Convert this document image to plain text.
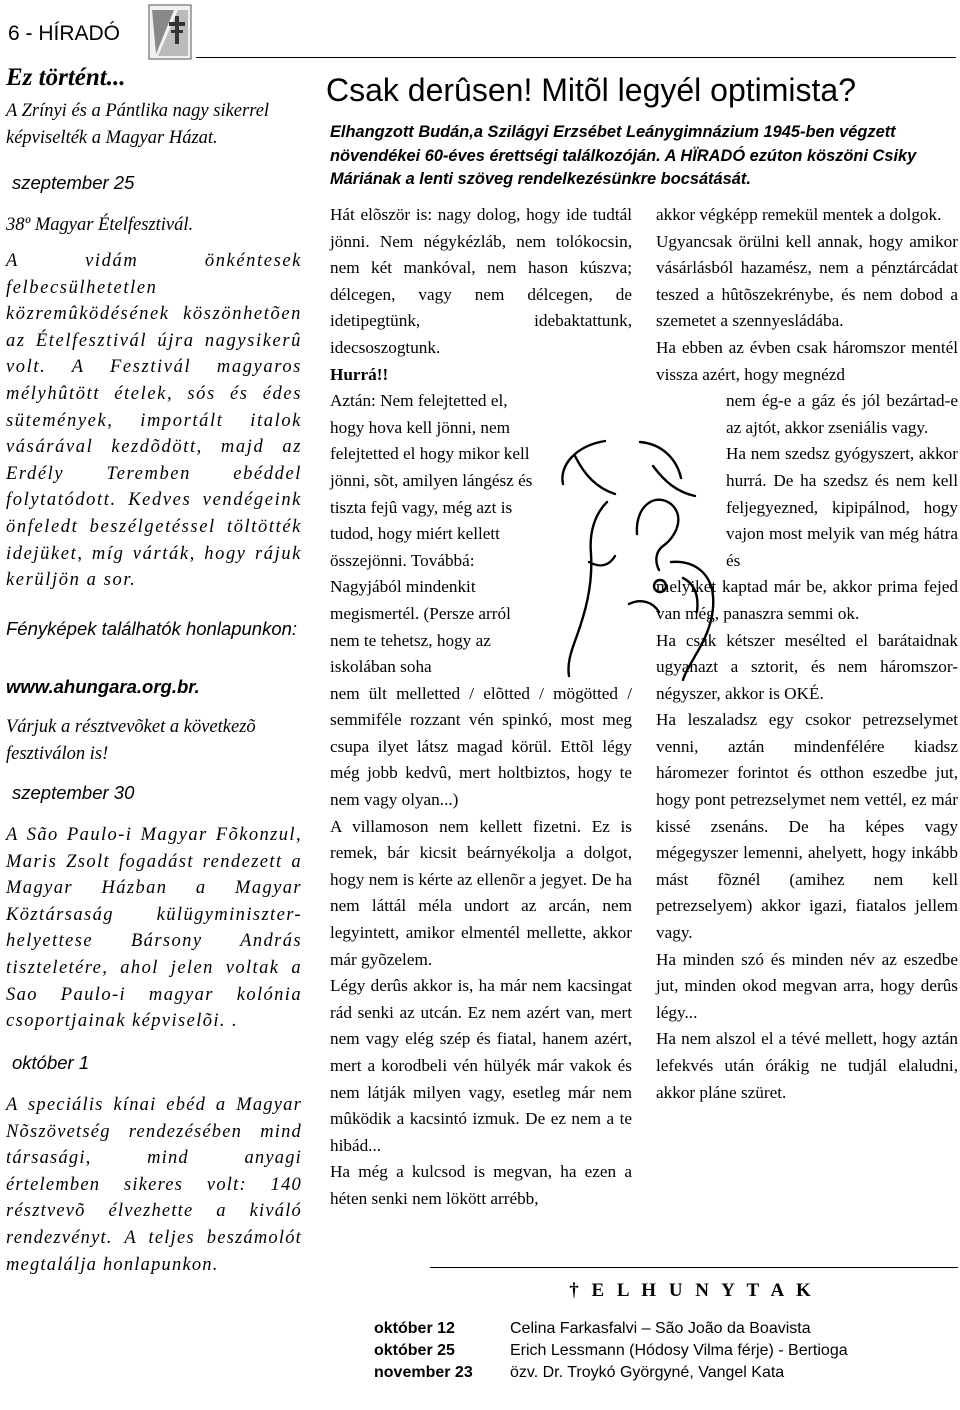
6 - HÍRADÓ
Ez történt...

A Zrínyi és a Pántlika nagy sikerrel képviselték a Magyar Házat.

szeptember 25

38º Magyar Ételfesztivál.

A vidám önkéntesek felbecsülhetetlen közremûködésének köszönhetõen az Ételfesztivál újra nagysikerû volt. A Fesztivál magyaros mélyhûtött ételek, sós és édes sütemények, importált italok vásárával kezdõdött, majd az Erdély Teremben ebéddel folytatódott. Kedves vendégeink önfeledt beszélgetéssel töltötték idejüket, míg várták, hogy rájuk kerüljön a sor.

Fényképek találhatók honlapunkon:

www.ahungara.org.br.

Várjuk a résztvevõket a következõ fesztiválon is!

szeptember 30

A São Paulo-i Magyar Fõkonzul, Maris Zsolt fogadást rendezett a Magyar Házban a Magyar Köztársaság külügyminiszter-helyettese Bársony András tiszteletére, ahol jelen voltak a Sao Paulo-i magyar kolónia csoportjainak képviselõi. .

október 1

A speciális kínai ebéd a Magyar Nõszövetség rendezésében mind társasági, mind anyagi értelemben sikeres volt: 140 résztvevõ élvezhette a kiváló rendezvényt. A teljes beszámolót megtalálja honlapunkon.

Csak derûsen! Mitõl legyél optimista?

Elhangzott Budán,a Szilágyi Erzsébet Leánygimnázium 1945-ben végzett növendékei 60-éves érettségi találkozóján. A HÏRADÓ ezúton köszöni Csiky Máriának a lenti szöveg rendelkezésünkre bocsátását.

Hát elõször is: nagy dolog, hogy ide tudtál jönni. Nem négykézláb, nem tolókocsin, nem két mankóval, nem hason kúszva; délcegen, vagy nem délcegen, de idetipegtünk, idebaktattunk, idecsoszogtunk.

Hurrá!!

Aztán: Nem felejtetted el, hogy hova kell jönni, nem felejtetted el hogy mikor kell jönni, sõt, amilyen lángész és tiszta fejû vagy, még azt is tudod, hogy miért kellett összejönni. Továbbá: Nagyjából mindenkit megismertél. (Persze arról nem te tehetsz, hogy az iskolában soha

nem ült melletted / elõtted / mögötted / semmiféle rozzant vén spinkó, most meg csupa ilyet látsz magad körül. Ettõl légy még jobb kedvû, mert holtbiztos, hogy te nem vagy olyan...)

A villamoson nem kellett fizetni. Ez is remek, bár kicsit beárnyékolja a dolgot, hogy nem is kérte az ellenõr a jegyet. De ha nem láttál méla undort az arcán, nem legyintett, amikor elmentél mellette, akkor már gyõzelem.

Légy derûs akkor is, ha már nem kacsingat rád senki az utcán. Ez nem azért van, mert nem vagy elég szép és fiatal, hanem azért, mert a korodbeli vén hülyék már vakok és nem látják milyen vagy, esetleg már nem mûködik a kacsintó izmuk. De ez nem a te hibád...

Ha még a kulcsod is megvan, ha ezen a héten senki nem lökött arrébb,

akkor végképp remekül mentek a dolgok.

Ugyancsak örülni kell annak, hogy amikor vásárlásból hazamész, nem a pénztárcádat teszed a hûtõszekrénybe, és nem dobod a szemetet a szennyesládába.

Ha ebben az évben csak háromszor mentél vissza azért, hogy megnézd

nem ég-e a gáz és jól bezártad-e az ajtót, akkor zseniális vagy.

Ha nem szedsz gyógyszert, akkor hurrá. De ha szedsz és nem kell feljegyezned, kipipálnod, hogy vajon most melyik van még hátra és

melyiket kaptad már be, akkor prima fejed van még, panaszra semmi ok.

Ha csak kétszer mesélted el barátaidnak ugyanazt a sztorit, és nem háromszor-négyszer, akkor is OKÉ.

Ha leszaladsz egy csokor petrezselymet venni, aztán mindenfélére kiadsz háromezer forintot és otthon eszedbe jut, hogy pont petrezselymet nem vettél, ez már kissé zsenáns. De ha képes vagy mégegyszer lemenni, ahelyett, hogy inkább mást fõznél (amihez nem kell petrezselyem) akkor igazi, fiatalos jellem vagy.

Ha minden szó és minden név az eszedbe jut, minden okod megvan arra, hogy derûs légy...

Ha nem alszol el a tévé mellett, hogy aztán lefekvés után órákig ne tudjál elaludni, akkor pláne szüret.

† E L H U N Y T A K
október 12	Celina Farkasfalvi – São João da Boavista
október 25	Erich Lessmann (Hódosy Vilma férje) - Bertioga
november 23	özv. Dr. Troykó Györgyné, Vangel Kata
